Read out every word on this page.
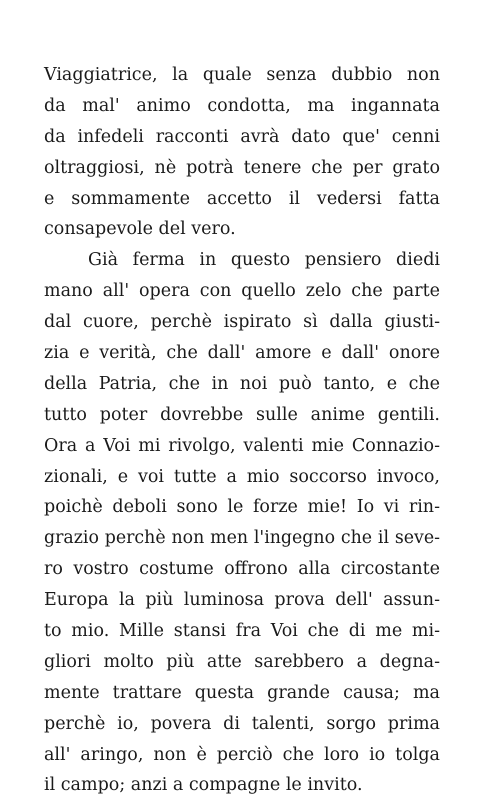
Viaggiatrice, la quale senza dubbio non
da mal' animo condotta, ma ingannata
da infedeli racconti avrà dato que' cenni
oltraggiosi, nè potrà tenere che per grato
e sommamente accetto il vedersi fatta
consapevole del vero.
Già ferma in questo pensiero diedi
mano all' opera con quello zelo che parte
dal cuore, perchè ispirato sì dalla giusti-
zia e verità, che dall' amore e dall' onore
della Patria, che in noi può tanto, e che
tutto poter dovrebbe sulle anime gentili.
Ora a Voi mi rivolgo, valenti mie Connazio-
zionali, e voi tutte a mio soccorso invoco,
poichè deboli sono le forze mie! Io vi rin-
grazio perchè non men l'ingegno che il seve-
ro vostro costume offrono alla circostante
Europa la più luminosa prova dell' assun-
to mio. Mille stansi fra Voi che di me mi-
gliori molto più atte sarebbero a degna-
mente trattare questa grande causa; ma
perchè io, povera di talenti, sorgo prima
all' aringo, non è perciò che loro io tolga
il campo; anzi a compagne le invito.
